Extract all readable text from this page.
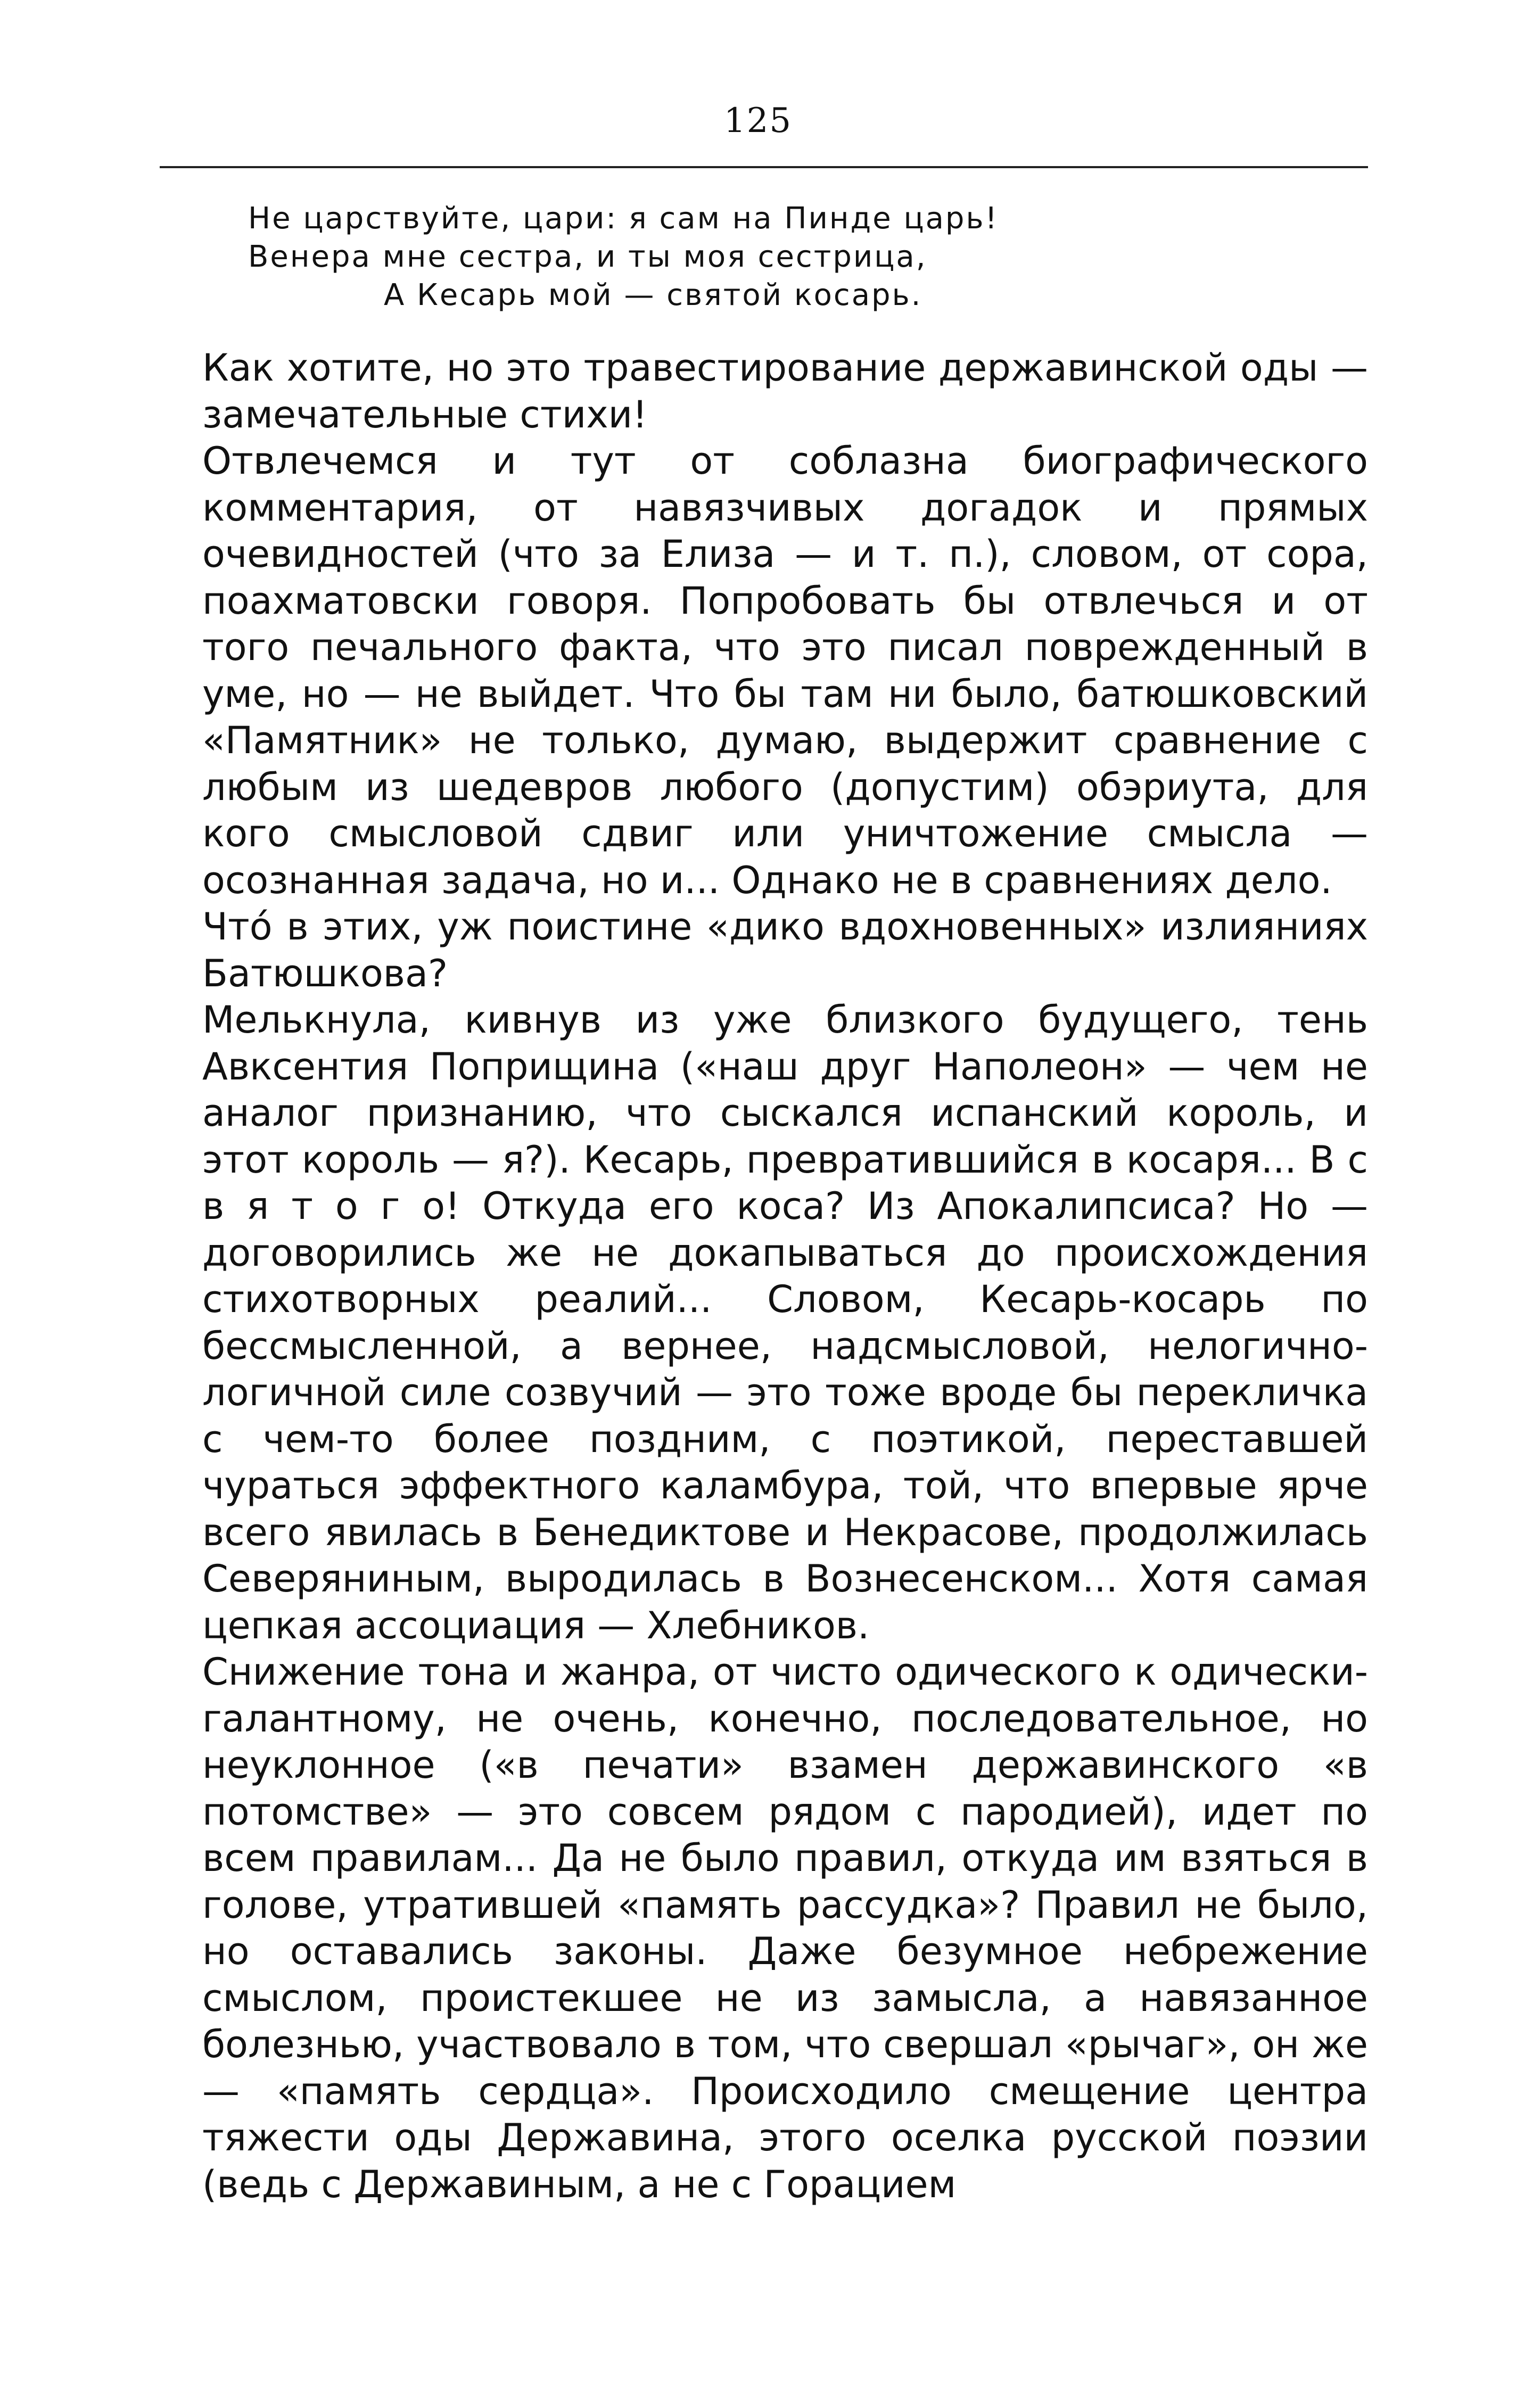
125
Не царствуйте, цари: я сам на Пинде царь!
Венера мне сестра, и ты моя сестрица,
А Кесарь мой — святой косарь.

Как хотите, но это травестирование державинской оды — замечательные стихи!

Отвлечемся и тут от соблазна биографического комментария, от навязчивых догадок и прямых очевидностей (что за Елиза — и т. п.), словом, от сора, поахматовски говоря. Попробовать бы отвлечься и от того печального факта, что это писал поврежденный в уме, но — не выйдет. Что бы там ни было, батюшковский «Памятник» не только, думаю, выдержит сравнение с любым из шедевров любого (допустим) обэриута, для кого смысловой сдвиг или уничтожение смысла — осознанная задача, но и... Однако не в сравнениях дело.

Что́ в этих, уж поистине «дико вдохновенных» излияниях Батюшкова?

Мелькнула, кивнув из уже близкого будущего, тень Авксентия Поприщина («наш друг Наполеон» — чем не аналог признанию, что сыскался испанский король, и этот король — я?). Кесарь, превратившийся в косаря... В с в я т о г о! Откуда его коса? Из Апокалипсиса? Но — договорились же не докапываться до происхождения стихотворных реалий... Словом, Кесарь-косарь по бессмысленной, а вернее, надсмысловой, нелогично-логичной силе созвучий — это тоже вроде бы перекличка с чем-то более поздним, с поэтикой, переставшей чураться эффектного каламбура, той, что впервые ярче всего явилась в Бенедиктове и Некрасове, продолжилась Северяниным, выродилась в Вознесенском... Хотя самая цепкая ассоциация — Хлебников.

Снижение тона и жанра, от чисто одического к одически-галантному, не очень, конечно, последовательное, но неуклонное («в печати» взамен державинского «в потомстве» — это совсем рядом с пародией), идет по всем правилам... Да не было правил, откуда им взяться в голове, утратившей «память рассудка»? Правил не было, но оставались законы. Даже безумное небрежение смыслом, проистекшее не из замысла, а навязанное болезнью, участвовало в том, что свершал «рычаг», он же — «память сердца». Происходило смещение центра тяжести оды Державина, этого оселка русской поэзии (ведь с Державиным, а не с Горацием
